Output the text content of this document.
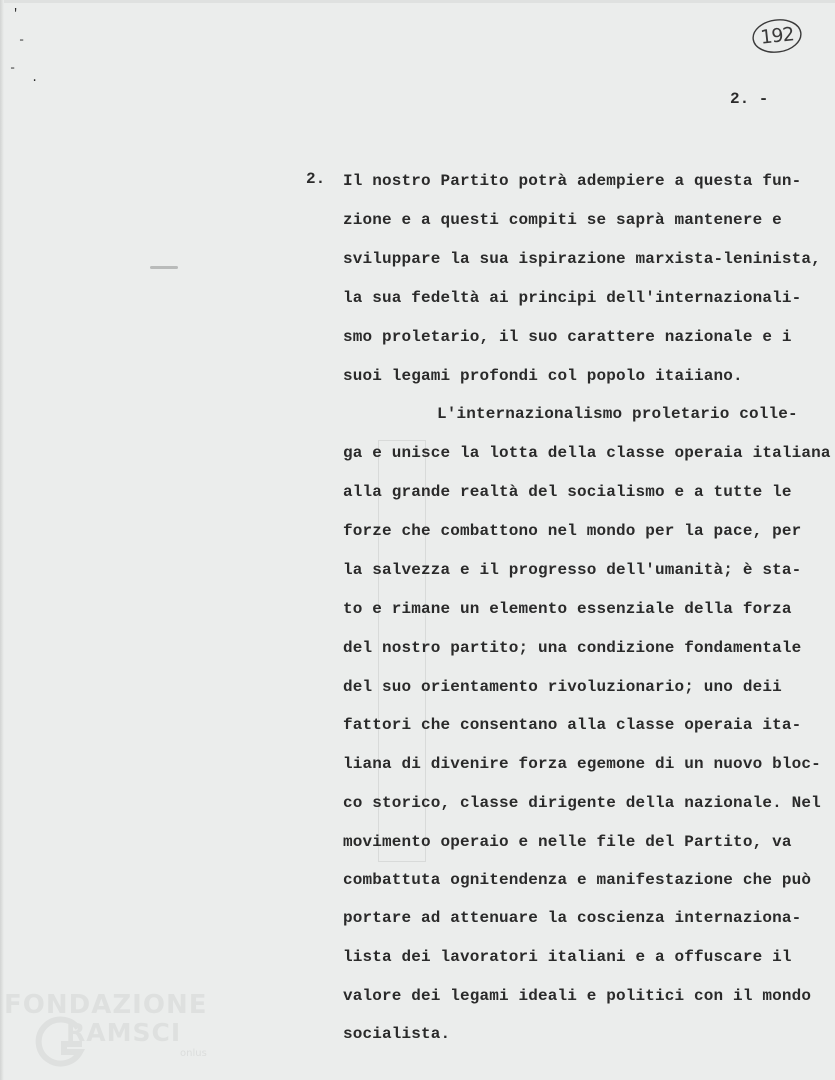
'
-
-
.
192
2. -
2. Il nostro Partito potrà adempiere a questa fun-
zione e a questi compiti se saprà mantenere e
sviluppare la sua ispirazione marxista-leninista,
la sua fedeltà ai principi dell'internazionali-
smo proletario, il suo carattere nazionale e i
suoi legami profondi col popolo itaiiano.
L'internazionalismo proletario colle-
ga e unisce la lotta della classe operaia italiana
alla grande realtà del socialismo e a tutte le
forze che combattono nel mondo per la pace, per
la salvezza e il progresso dell'umanità; è sta-
to e rimane un elemento essenziale della forza
del nostro partito; una condizione fondamentale
del suo orientamento rivoluzionario; uno deii
fattori che consentano alla classe operaia ita-
liana di divenire forza egemone di un nuovo bloc-
co storico, classe dirigente della nazionale. Nel
movimento operaio e nelle file del Partito, va
combattuta ognitendenza e manifestazione che può
portare ad attenuare la coscienza internaziona-
lista dei lavoratori italiani e a offuscare il
valore dei legami ideali e politici con il mondo
socialista.
FONDAZIONE
RAMSCI
onlus
